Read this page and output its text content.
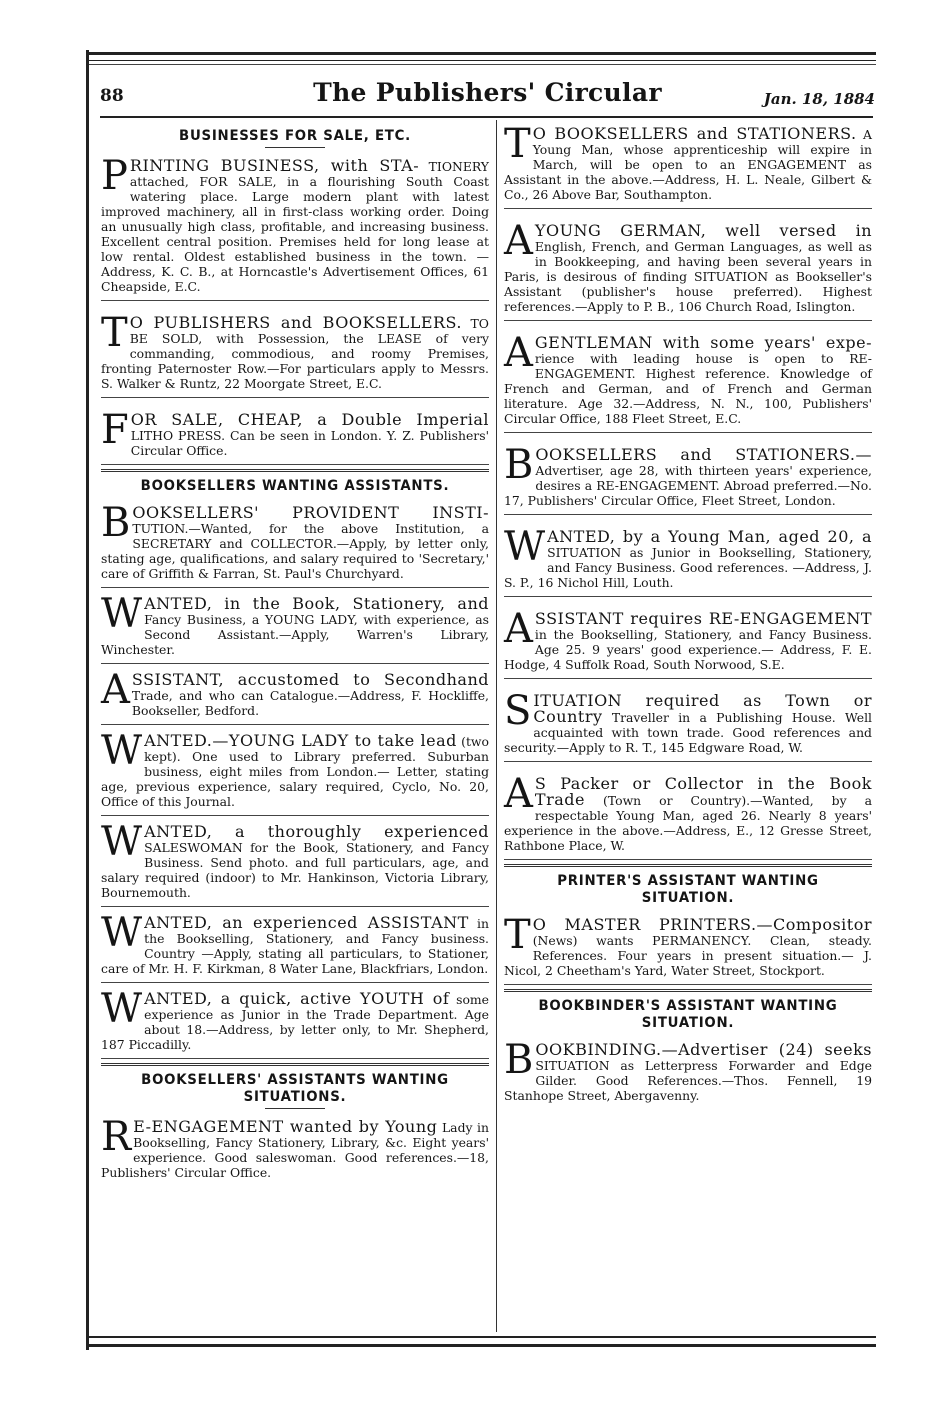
88	The Publishers' Circular	Jan. 18, 1884
BUSINESSES FOR SALE, ETC.
P RINTING BUSINESS, with STA- TIONERY attached, FOR SALE, in a flourishing South Coast watering place. Large modern plant with latest improved machinery, all in first-class working order. Doing an unusually high class, profitable, and increasing business. Excellent central position. Premises held for long lease at low rental. Oldest established business in the town. —Address, K. C. B., at Horncastle's Advertisement Offices, 61 Cheapside, E.C.
T O PUBLISHERS and BOOKSELLERS. TO BE SOLD, with Possession, the LEASE of very commanding, commodious, and roomy Premises, fronting Paternoster Row.—For particulars apply to Messrs. S. Walker & Runtz, 22 Moorgate Street, E.C.
F OR SALE, CHEAP, a Double Imperial LITHO PRESS. Can be seen in London. Y. Z. Publishers' Circular Office.
BOOKSELLERS WANTING ASSISTANTS.
B OOKSELLERS' PROVIDENT INSTI- TUTION.—Wanted, for the above Institution, a SECRETARY and COLLECTOR.—Apply, by letter only, stating age, qualifications, and salary required to 'Secretary,' care of Griffith & Farran, St. Paul's Churchyard.
W ANTED, in the Book, Stationery, and Fancy Business, a YOUNG LADY, with experience, as Second Assistant.—Apply, Warren's Library, Winchester.
A SSISTANT, accustomed to Secondhand Trade, and who can Catalogue.—Address, F. Hockliffe, Bookseller, Bedford.
W ANTED.—YOUNG LADY to take lead (two kept). One used to Library preferred. Suburban business, eight miles from London.— Letter, stating age, previous experience, salary required, Cyclo, No. 20, Office of this Journal.
W ANTED, a thoroughly experienced SALESWOMAN for the Book, Stationery, and Fancy Business. Send photo. and full particulars, age, and salary required (indoor) to Mr. Hankinson, Victoria Library, Bournemouth.
W ANTED, an experienced ASSISTANT in the Bookselling, Stationery, and Fancy business. Country —Apply, stating all particulars, to Stationer, care of Mr. H. F. Kirkman, 8 Water Lane, Blackfriars, London.
W ANTED, a quick, active YOUTH of some experience as Junior in the Trade Department. Age about 18.—Address, by letter only, to Mr. Shepherd, 187 Piccadilly.
BOOKSELLERS' ASSISTANTS WANTING SITUATIONS.
R E-ENGAGEMENT wanted by Young Lady in Bookselling, Fancy Stationery, Library, &c. Eight years' experience. Good saleswoman. Good references.—18, Publishers' Circular Office.
T O BOOKSELLERS and STATIONERS. A Young Man, whose apprenticeship will expire in March, will be open to an ENGAGEMENT as Assistant in the above.—Address, H. L. Neale, Gilbert & Co., 26 Above Bar, Southampton.
A YOUNG GERMAN, well versed in English, French, and German Languages, as well as in Bookkeeping, and having been several years in Paris, is desirous of finding SITUATION as Bookseller's Assistant (publisher's house preferred). Highest references.—Apply to P. B., 106 Church Road, Islington.
A GENTLEMAN with some years' expe- rience with leading house is open to RE-ENGAGEMENT. Highest reference. Knowledge of French and German, and of French and German literature. Age 32.—Address, N. N., 100, Publishers' Circular Office, 188 Fleet Street, E.C.
B OOKSELLERS and STATIONERS.— Advertiser, age 28, with thirteen years' experience, desires a RE-ENGAGEMENT. Abroad preferred.—No. 17, Publishers' Circular Office, Fleet Street, London.
W ANTED, by a Young Man, aged 20, a SITUATION as Junior in Bookselling, Stationery, and Fancy Business. Good references. —Address, J. S. P., 16 Nichol Hill, Louth.
A SSISTANT requires RE-ENGAGEMENT in the Bookselling, Stationery, and Fancy Business. Age 25. 9 years' good experience.— Address, F. E. Hodge, 4 Suffolk Road, South Norwood, S.E.
S ITUATION required as Town or Country Traveller in a Publishing House. Well acquainted with town trade. Good references and security.—Apply to R. T., 145 Edgware Road, W.
A S Packer or Collector in the Book Trade (Town or Country).—Wanted, by a respectable Young Man, aged 26. Nearly 8 years' experience in the above.—Address, E., 12 Gresse Street, Rathbone Place, W.
PRINTER'S ASSISTANT WANTING SITUATION.
T O MASTER PRINTERS.—Compositor (News) wants PERMANENCY. Clean, steady. References. Four years in present situation.— J. Nicol, 2 Cheetham's Yard, Water Street, Stockport.
BOOKBINDER'S ASSISTANT WANTING SITUATION.
B OOKBINDING.—Advertiser (24) seeks SITUATION as Letterpress Forwarder and Edge Gilder. Good References.—Thos. Fennell, 19 Stanhope Street, Abergavenny.
